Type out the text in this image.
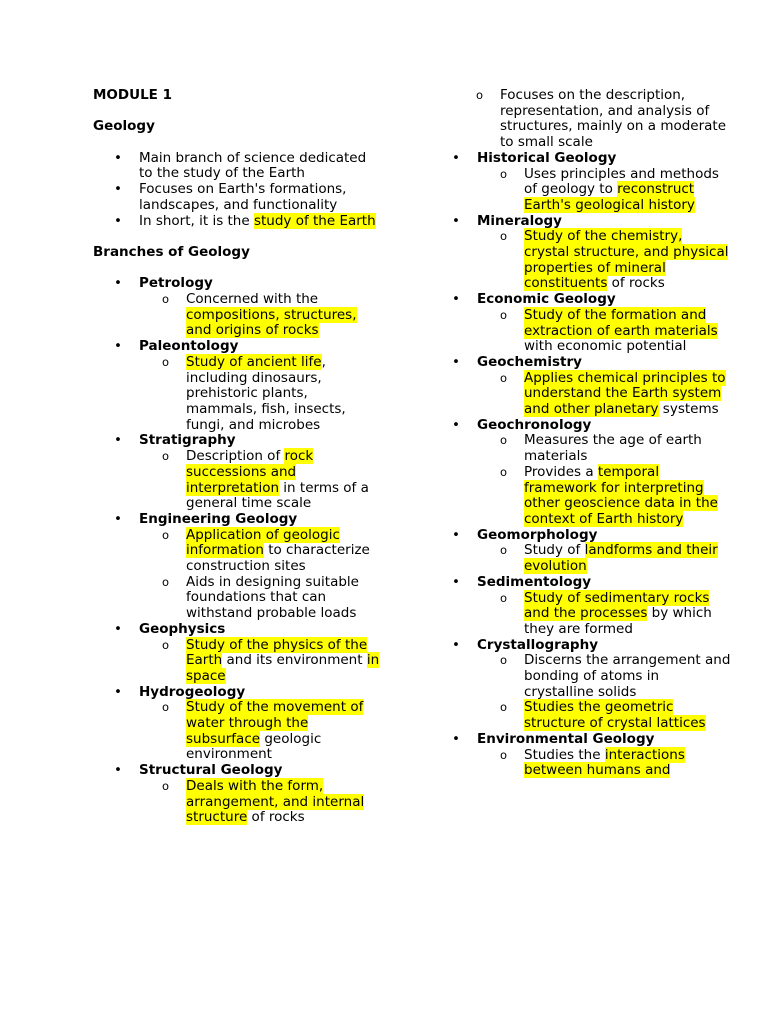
MODULE 1

Geology

• Main branch of science dedicated to the study of the Earth
• Focuses on Earth's formations, landscapes, and functionality
• In short, it is the study of the Earth

Branches of Geology

• Petrology
o Concerned with the compositions, structures, and origins of rocks
• Paleontology
o Study of ancient life, including dinosaurs, prehistoric plants, mammals, fish, insects, fungi, and microbes
• Stratigraphy
o Description of rock successions and interpretation in terms of a general time scale
• Engineering Geology
o Application of geologic information to characterize construction sites
o Aids in designing suitable foundations that can withstand probable loads
• Geophysics
o Study of the physics of the Earth and its environment in space
• Hydrogeology
o Study of the movement of water through the subsurface geologic environment
• Structural Geology
o Deals with the form, arrangement, and internal structure of rocks
o Focuses on the description, representation, and analysis of structures, mainly on a moderate to small scale
• Historical Geology
o Uses principles and methods of geology to reconstruct Earth's geological history
• Mineralogy
o Study of the chemistry, crystal structure, and physical properties of mineral constituents of rocks
• Economic Geology
o Study of the formation and extraction of earth materials with economic potential
• Geochemistry
o Applies chemical principles to understand the Earth system and other planetary systems
• Geochronology
o Measures the age of earth materials
o Provides a temporal framework for interpreting other geoscience data in the context of Earth history
• Geomorphology
o Study of landforms and their evolution
• Sedimentology
o Study of sedimentary rocks and the processes by which they are formed
• Crystallography
o Discerns the arrangement and bonding of atoms in crystalline solids
o Studies the geometric structure of crystal lattices
• Environmental Geology
o Studies the interactions between humans and
